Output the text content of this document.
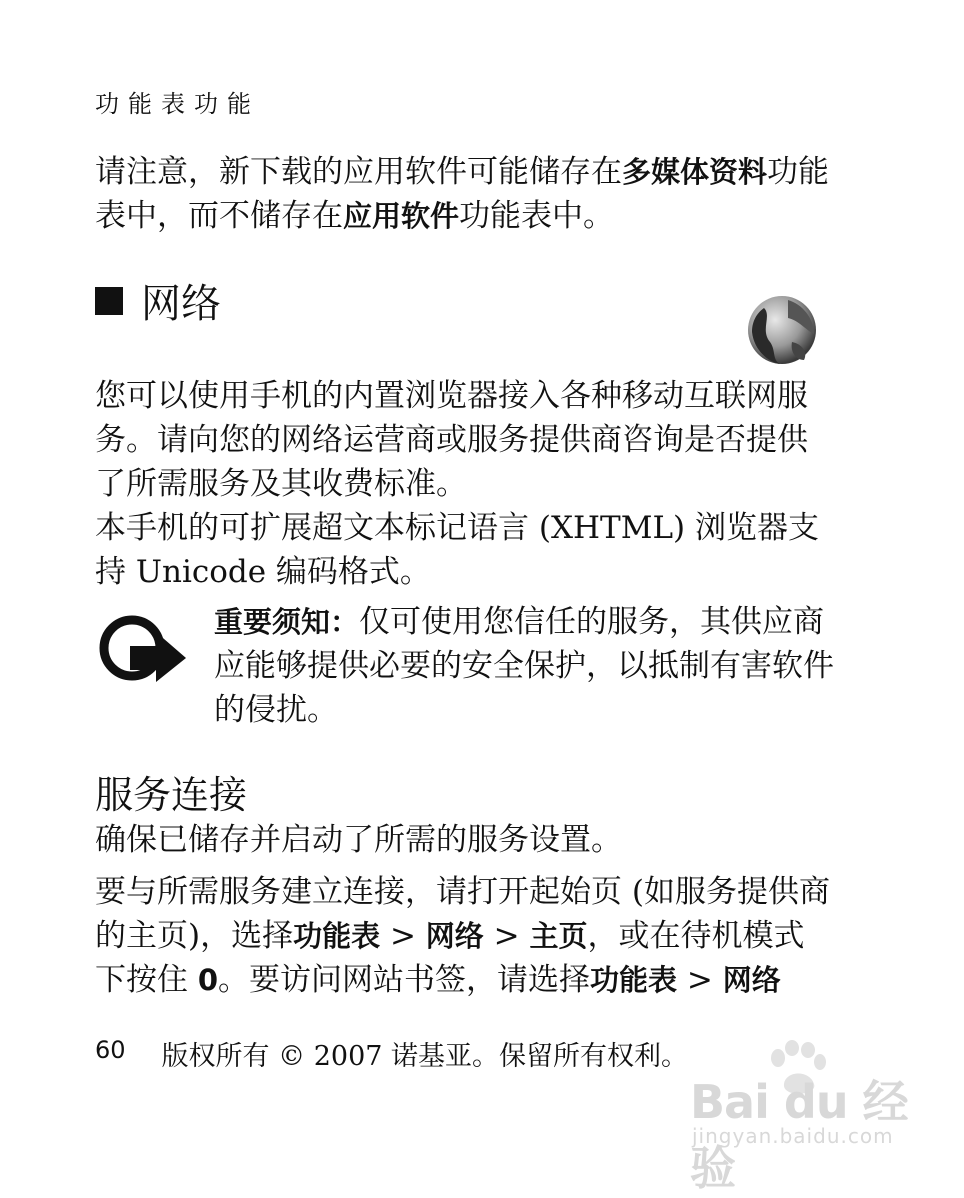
功能表功能

请注意，新下载的应用软件可能储存在多媒体资料功能表中，而不储存在应用软件功能表中。

网络

您可以使用手机的内置浏览器接入各种移动互联网服务。请向您的网络运营商或服务提供商咨询是否提供了所需服务及其收费标准。

本手机的可扩展超文本标记语言 (XHTML) 浏览器支持 Unicode 编码格式。

重要须知：仅可使用您信任的服务，其供应商应能够提供必要的安全保护，以抵制有害软件的侵扰。

服务连接

确保已储存并启动了所需的服务设置。

要与所需服务建立连接，请打开起始页 (如服务提供商的主页)，选择功能表 > 网络 > 主页，或在待机模式下按住 0。要访问网站书签，请选择功能表 > 网络

60 版权所有 © 2007 诺基亚。保留所有权利。
Bai du 经验
jingyan.baidu.com
